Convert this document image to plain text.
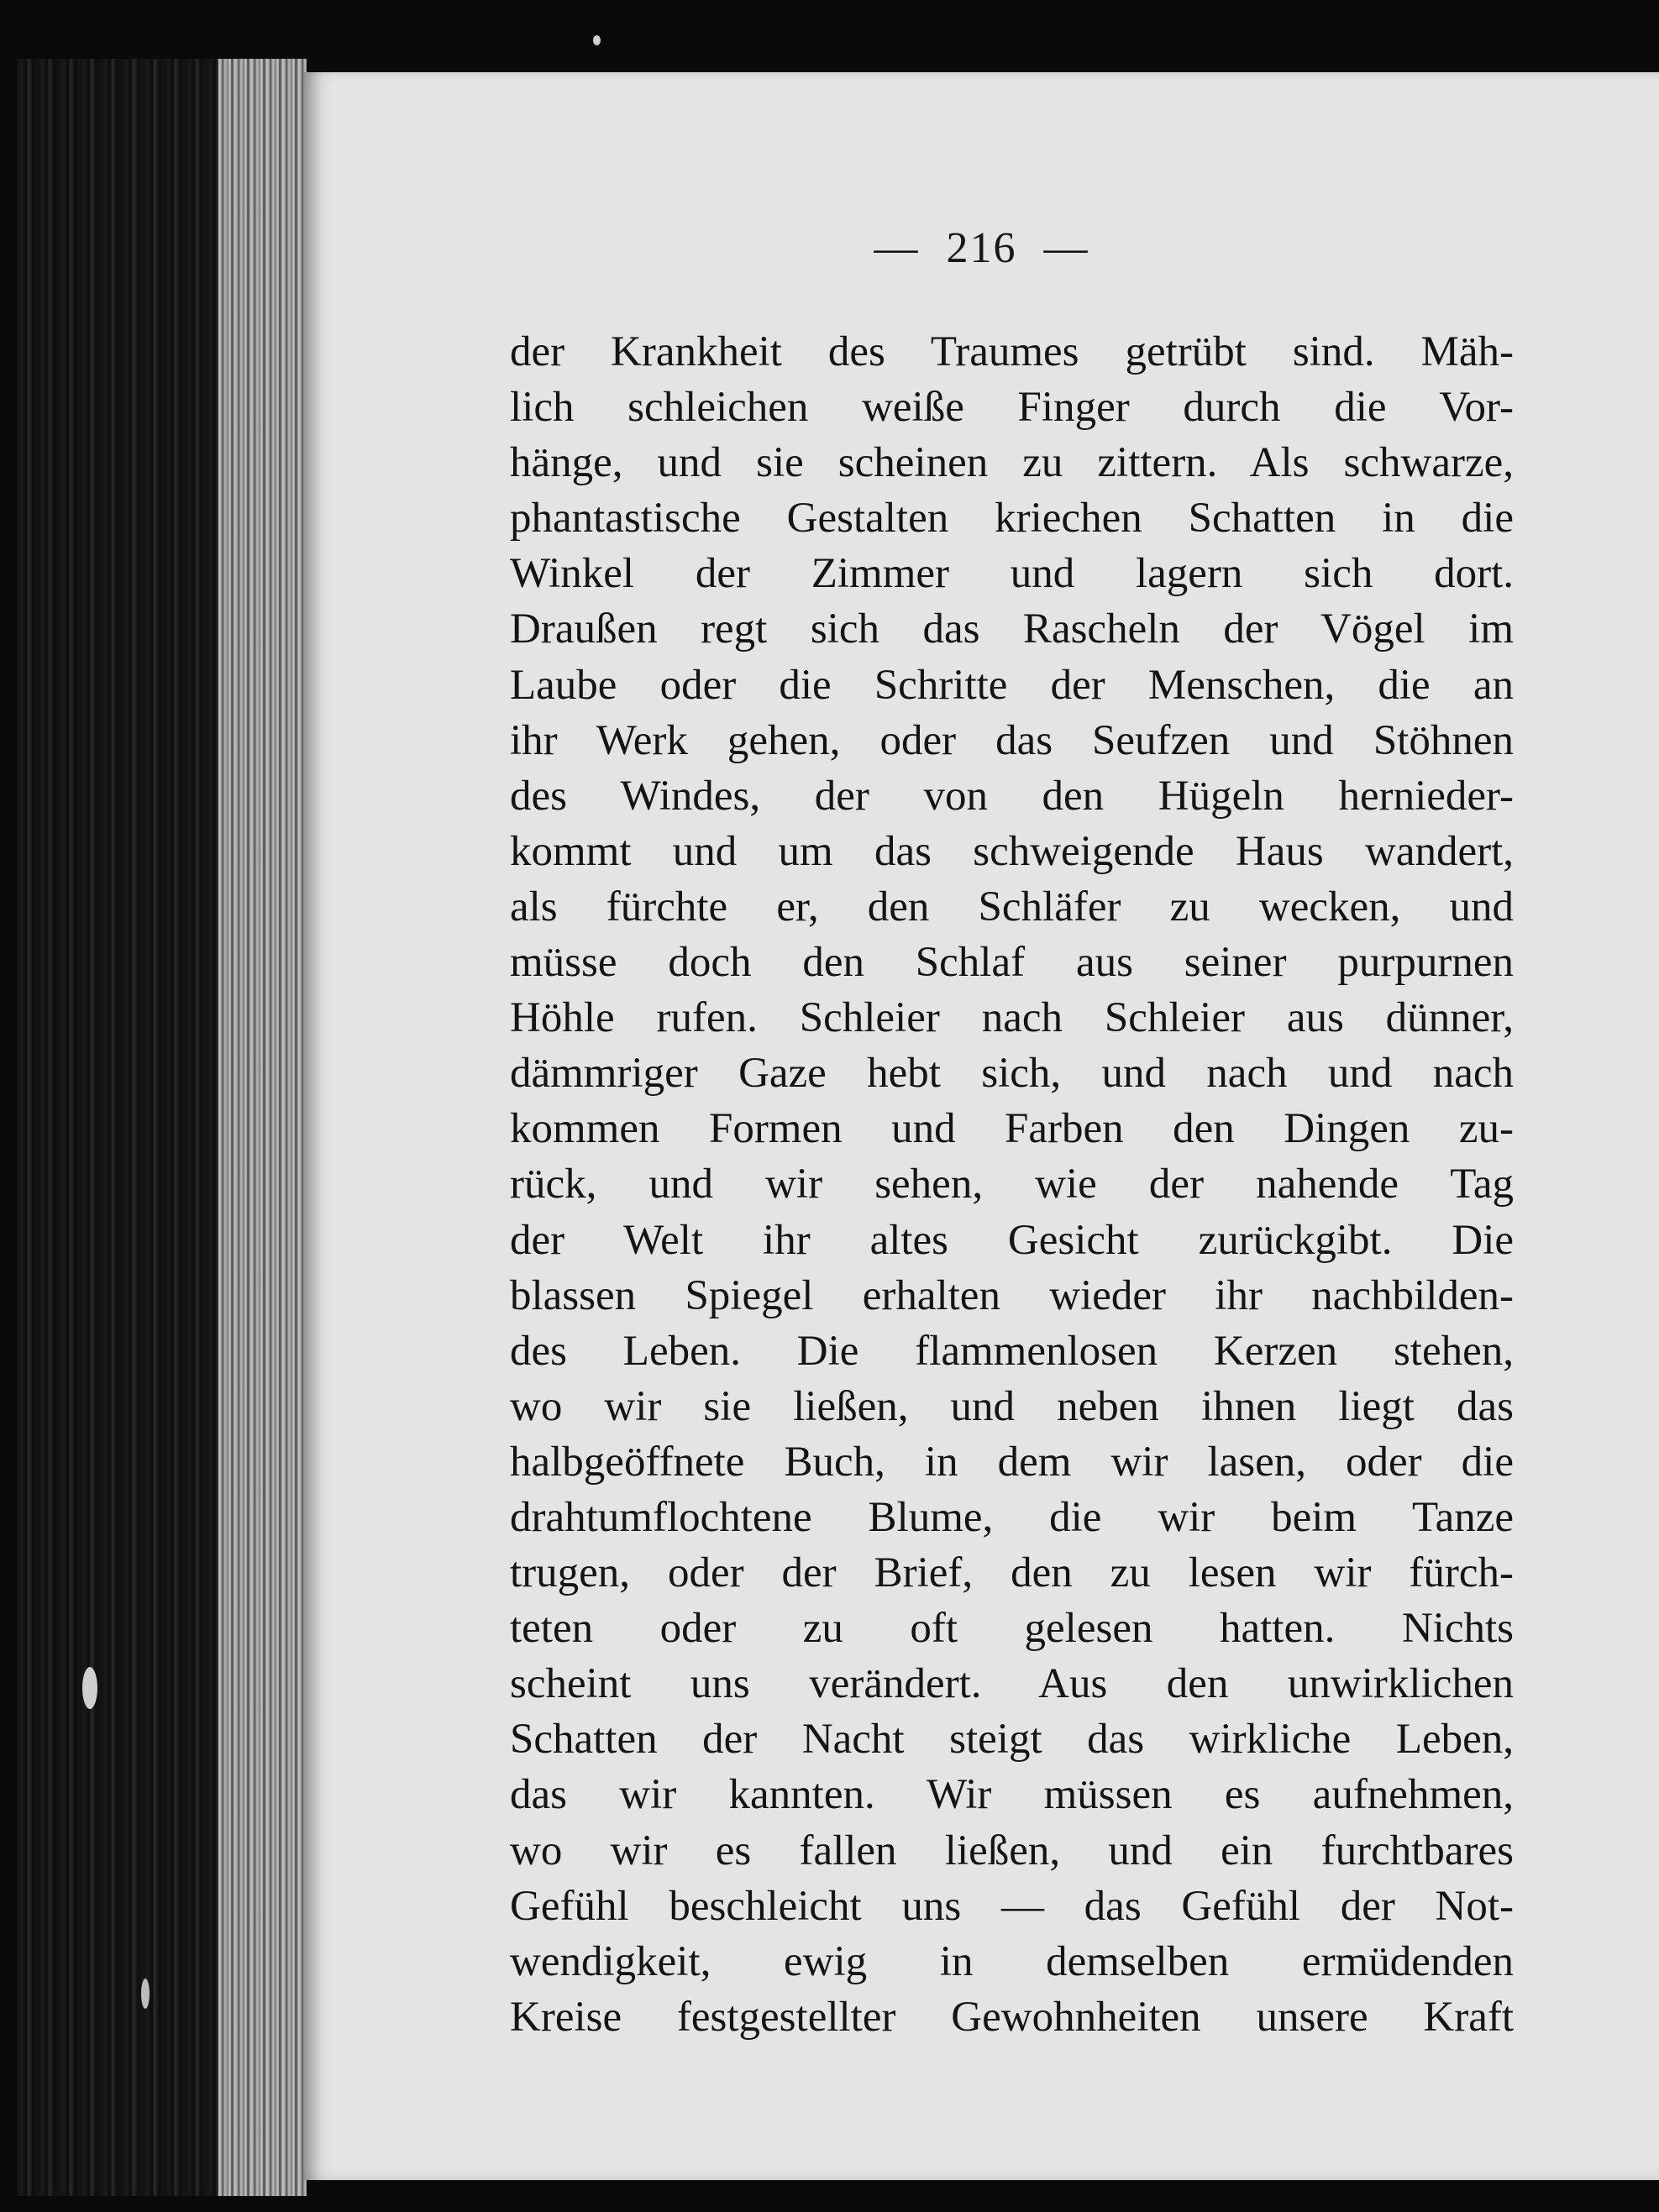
— 216 —
der Krankheit des Traumes getrübt sind. Mäh-
lich schleichen weiße Finger durch die Vor-
hänge, und sie scheinen zu zittern. Als schwarze,
phantastische Gestalten kriechen Schatten in die
Winkel der Zimmer und lagern sich dort.
Draußen regt sich das Rascheln der Vögel im
Laube oder die Schritte der Menschen, die an
ihr Werk gehen, oder das Seufzen und Stöhnen
des Windes, der von den Hügeln hernieder-
kommt und um das schweigende Haus wandert,
als fürchte er, den Schläfer zu wecken, und
müsse doch den Schlaf aus seiner purpurnen
Höhle rufen. Schleier nach Schleier aus dünner,
dämmriger Gaze hebt sich, und nach und nach
kommen Formen und Farben den Dingen zu-
rück, und wir sehen, wie der nahende Tag
der Welt ihr altes Gesicht zurückgibt. Die
blassen Spiegel erhalten wieder ihr nachbilden-
des Leben. Die flammenlosen Kerzen stehen,
wo wir sie ließen, und neben ihnen liegt das
halbgeöffnete Buch, in dem wir lasen, oder die
drahtumflochtene Blume, die wir beim Tanze
trugen, oder der Brief, den zu lesen wir fürch-
teten oder zu oft gelesen hatten. Nichts
scheint uns verändert. Aus den unwirklichen
Schatten der Nacht steigt das wirkliche Leben,
das wir kannten. Wir müssen es aufnehmen,
wo wir es fallen ließen, und ein furchtbares
Gefühl beschleicht uns — das Gefühl der Not-
wendigkeit, ewig in demselben ermüdenden
Kreise festgestellter Gewohnheiten unsere Kraft
